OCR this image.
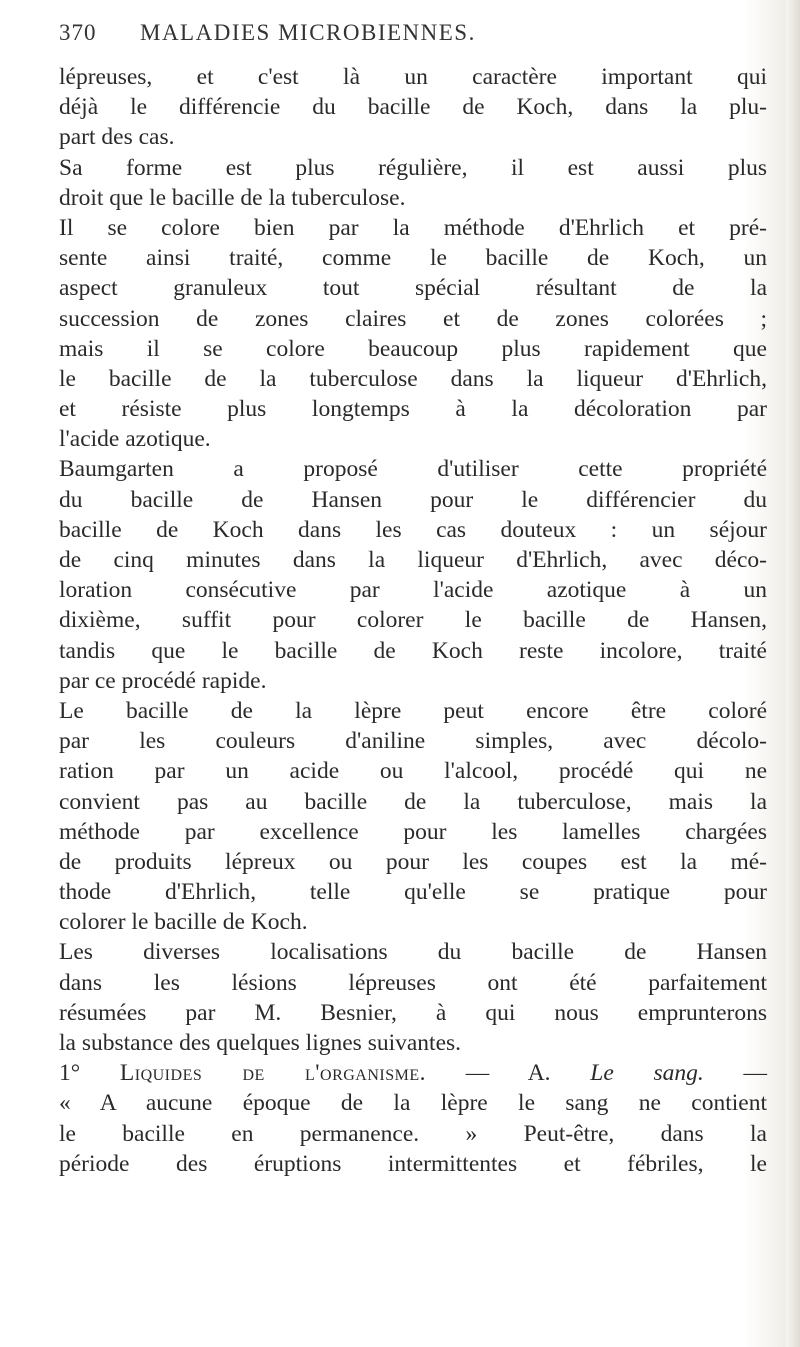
370 MALADIES MICROBIENNES.
lépreuses, et c'est là un caractère important qui
déjà le différencie du bacille de Koch, dans la plu-
part des cas.
Sa forme est plus régulière, il est aussi plus
droit que le bacille de la tuberculose.
Il se colore bien par la méthode d'Ehrlich et pré-
sente ainsi traité, comme le bacille de Koch, un
aspect granuleux tout spécial résultant de la
succession de zones claires et de zones colorées ;
mais il se colore beaucoup plus rapidement que
le bacille de la tuberculose dans la liqueur d'Ehrlich,
et résiste plus longtemps à la décoloration par
l'acide azotique.
Baumgarten a proposé d'utiliser cette propriété
du bacille de Hansen pour le différencier du
bacille de Koch dans les cas douteux : un séjour
de cinq minutes dans la liqueur d'Ehrlich, avec déco-
loration consécutive par l'acide azotique à un
dixième, suffit pour colorer le bacille de Hansen,
tandis que le bacille de Koch reste incolore, traité
par ce procédé rapide.
Le bacille de la lèpre peut encore être coloré
par les couleurs d'aniline simples, avec décolo-
ration par un acide ou l'alcool, procédé qui ne
convient pas au bacille de la tuberculose, mais la
méthode par excellence pour les lamelles chargées
de produits lépreux ou pour les coupes est la mé-
thode d'Ehrlich, telle qu'elle se pratique pour
colorer le bacille de Koch.
Les diverses localisations du bacille de Hansen
dans les lésions lépreuses ont été parfaitement
résumées par M. Besnier, à qui nous emprunterons
la substance des quelques lignes suivantes.
1° Liquides de l'organisme. — A. Le sang. —
« A aucune époque de la lèpre le sang ne contient
le bacille en permanence. » Peut-être, dans la
période des éruptions intermittentes et fébriles, le
